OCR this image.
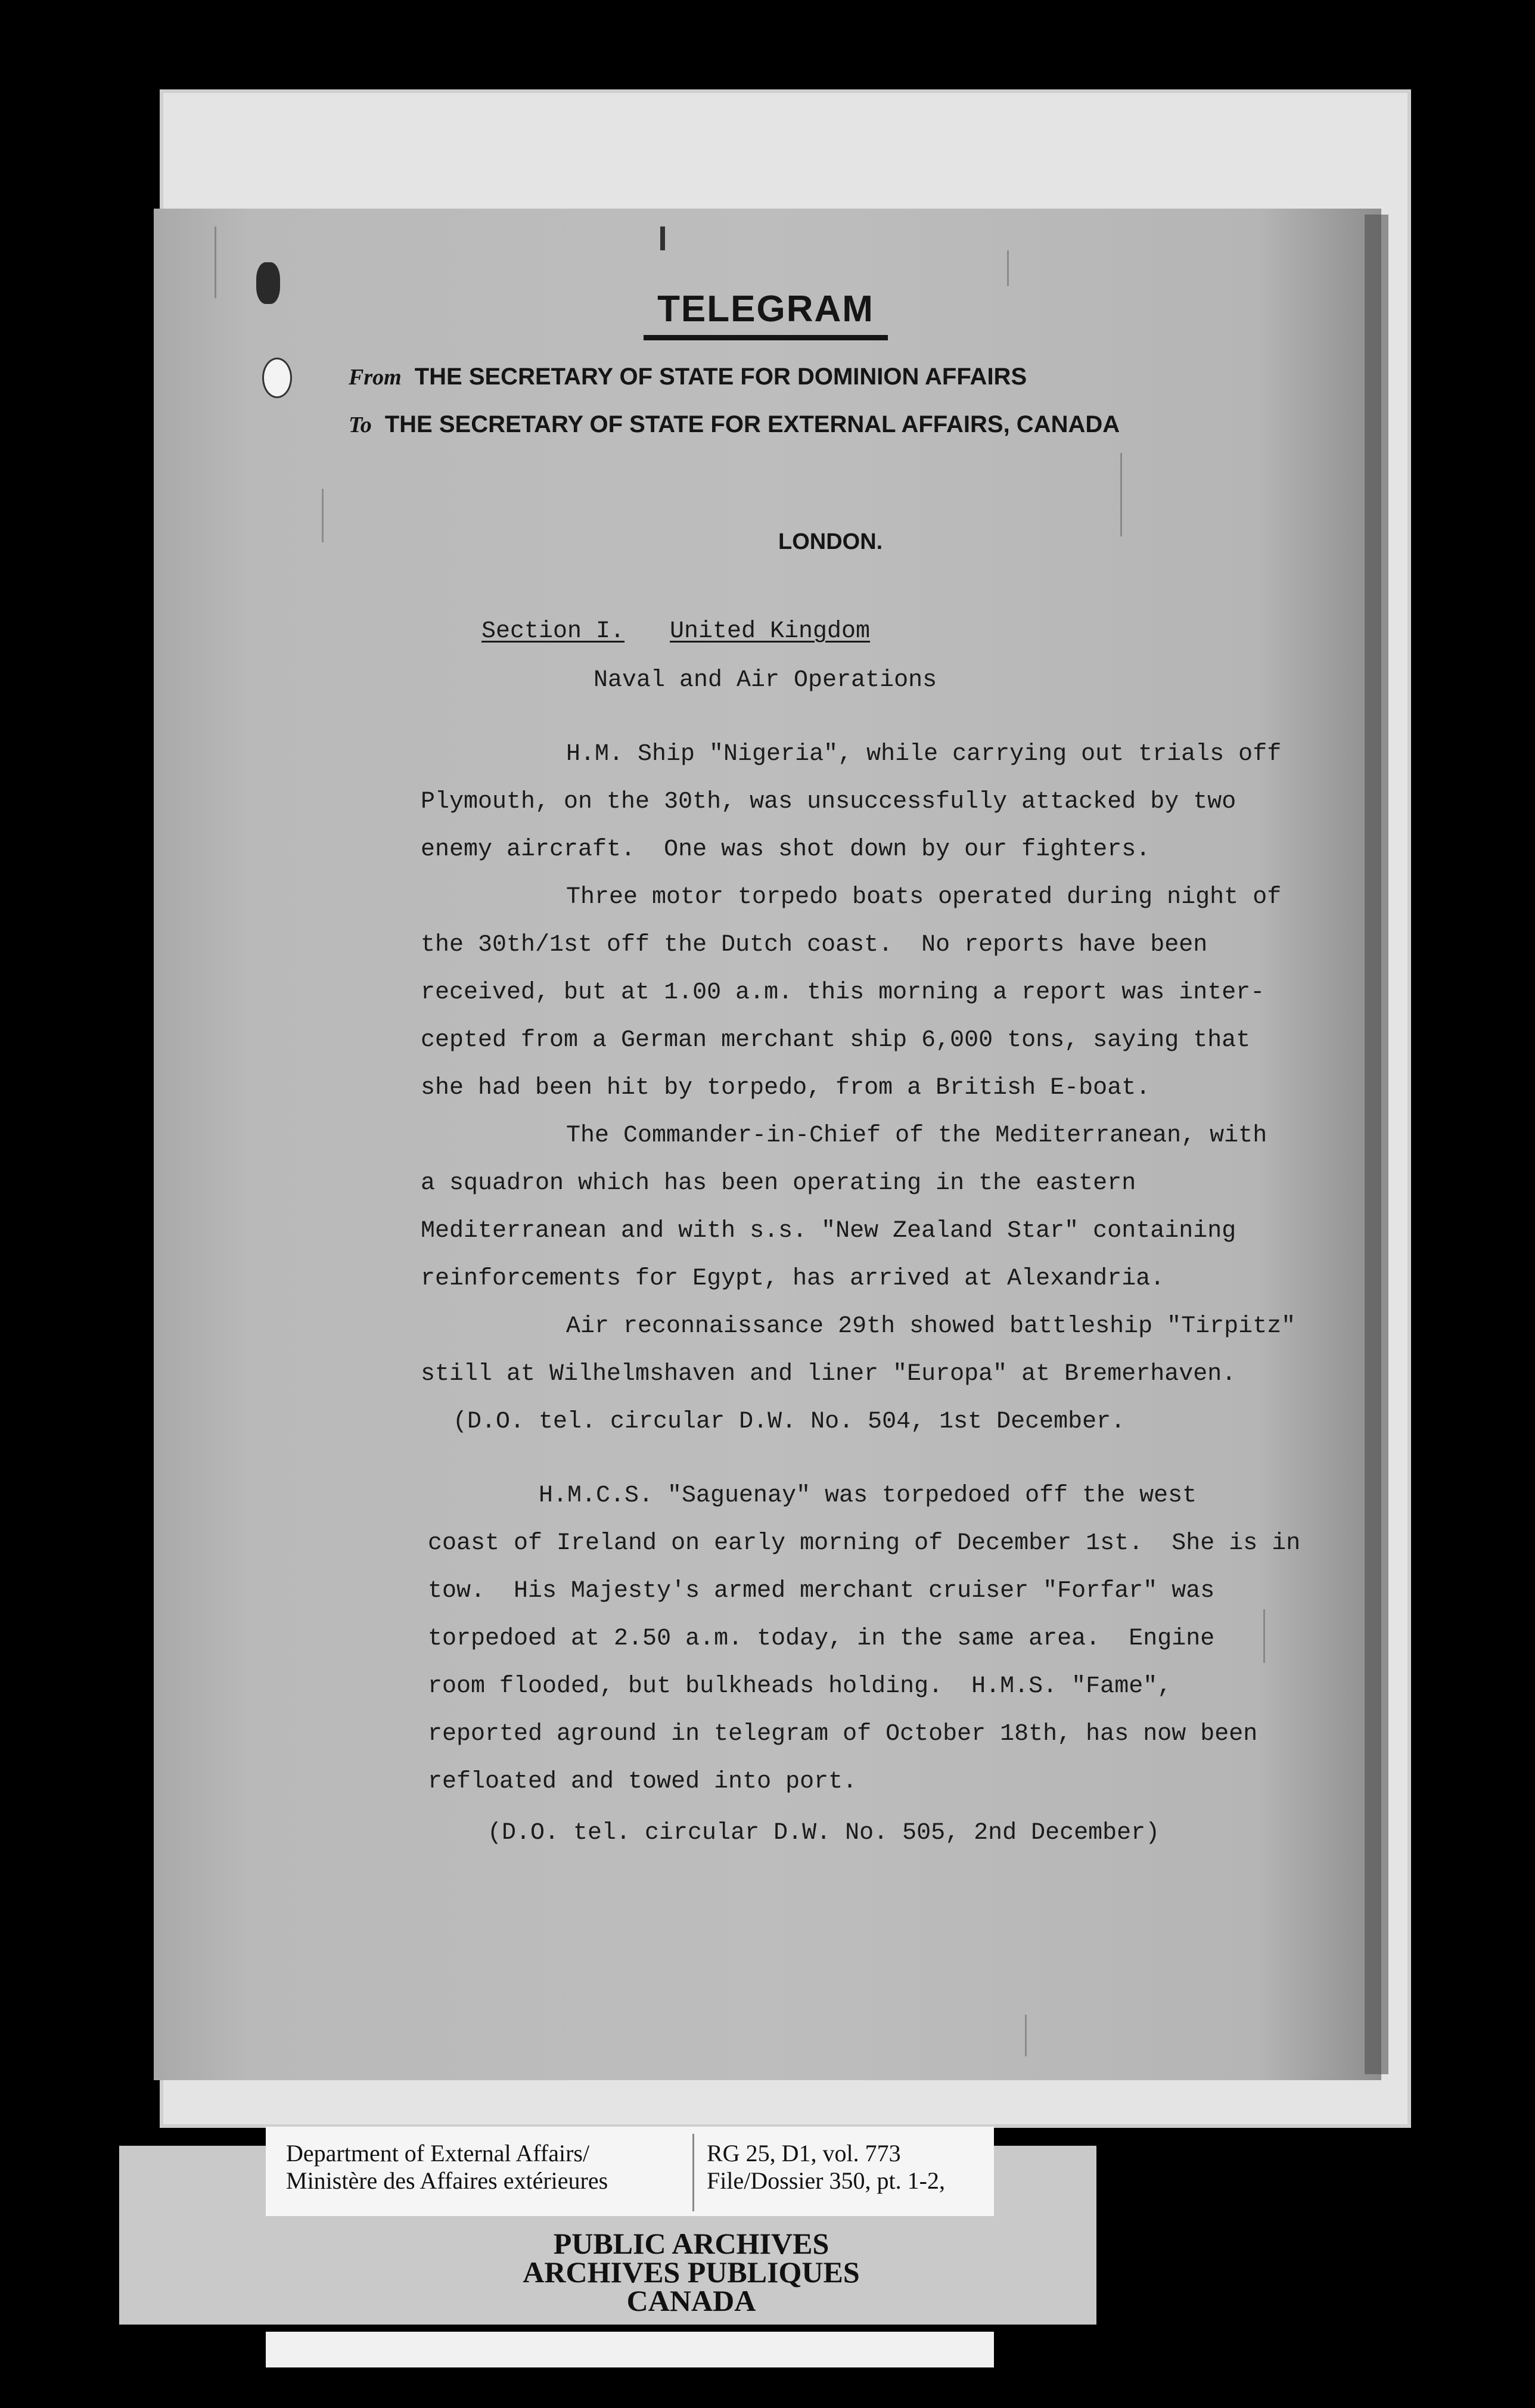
TELEGRAM
From THE SECRETARY OF STATE FOR DOMINION AFFAIRS
To THE SECRETARY OF STATE FOR EXTERNAL AFFAIRS, CANADA
LONDON.
Section I. United Kingdom
Naval and Air Operations
H.M. Ship "Nigeria", while carrying out trials off
Plymouth, on the 30th, was unsuccessfully attacked by two
enemy aircraft.  One was shot down by our fighters.
Three motor torpedo boats operated during night of
the 30th/1st off the Dutch coast.  No reports have been
received, but at 1.00 a.m. this morning a report was inter-
cepted from a German merchant ship 6,000 tons, saying that
she had been hit by torpedo, from a British E-boat.
The Commander-in-Chief of the Mediterranean, with
a squadron which has been operating in the eastern
Mediterranean and with s.s. "New Zealand Star" containing
reinforcements for Egypt, has arrived at Alexandria.
Air reconnaissance 29th showed battleship "Tirpitz"
still at Wilhelmshaven and liner "Europa" at Bremerhaven.
(D.O. tel. circular D.W. No. 504, 1st December.
H.M.C.S. "Saguenay" was torpedoed off the west
coast of Ireland on early morning of December 1st.  She is in
tow.  His Majesty's armed merchant cruiser "Forfar" was
torpedoed at 2.50 a.m. today, in the same area.  Engine
room flooded, but bulkheads holding.  H.M.S. "Fame",
reported aground in telegram of October 18th, has now been
refloated and towed into port.
(D.O. tel. circular D.W. No. 505, 2nd December)
Department of External Affairs/
Ministère des Affaires extérieures
RG 25, D1, vol. 773
File/Dossier 350, pt. 1-2,
PUBLIC ARCHIVES
ARCHIVES PUBLIQUES
CANADA
